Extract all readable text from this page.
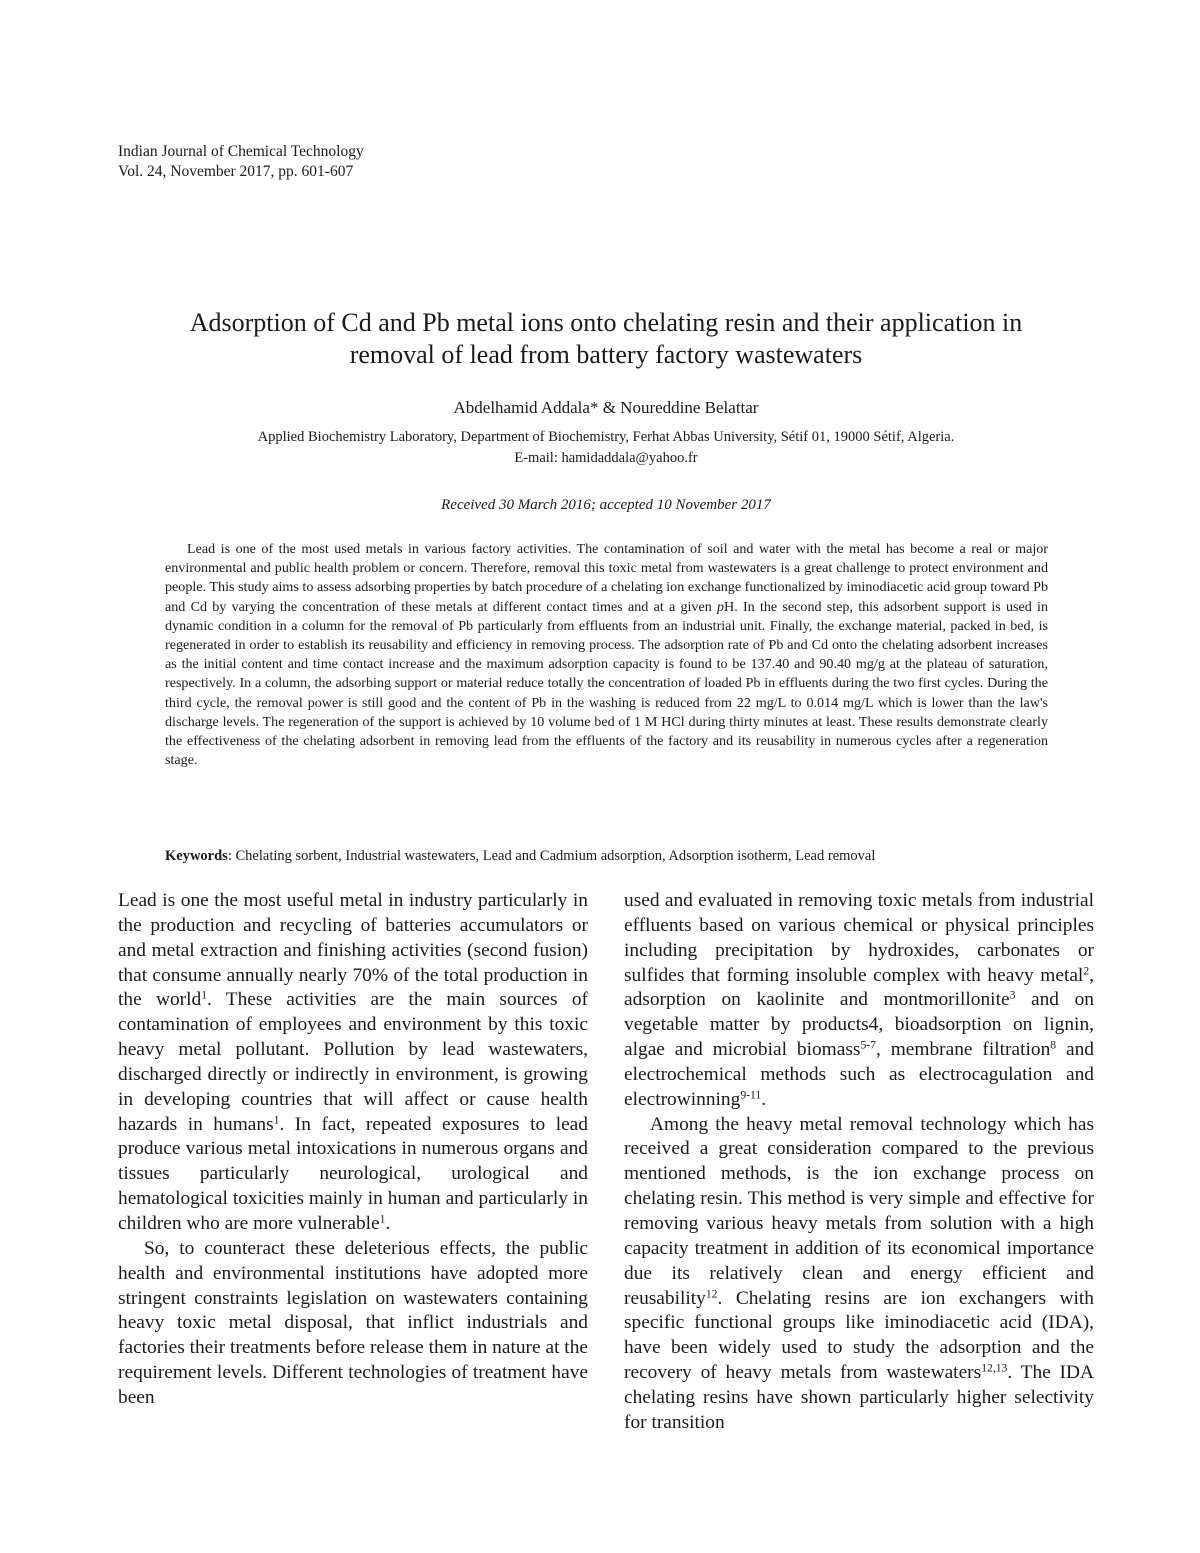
Indian Journal of Chemical Technology
Vol. 24, November 2017, pp. 601-607
Adsorption of Cd and Pb metal ions onto chelating resin and their application in
removal of lead from battery factory wastewaters
Abdelhamid Addala* & Noureddine Belattar
Applied Biochemistry Laboratory, Department of Biochemistry, Ferhat Abbas University, Sétif 01, 19000 Sétif, Algeria.
E-mail: hamidaddala@yahoo.fr
Received 30 March 2016; accepted 10 November 2017

Lead is one of the most used metals in various factory activities. The contamination of soil and water with the metal has become a real or major environmental and public health problem or concern. Therefore, removal this toxic metal from wastewaters is a great challenge to protect environment and people. This study aims to assess adsorbing properties by batch procedure of a chelating ion exchange functionalized by iminodiacetic acid group toward Pb and Cd by varying the concentration of these metals at different contact times and at a given pH. In the second step, this adsorbent support is used in dynamic condition in a column for the removal of Pb particularly from effluents from an industrial unit. Finally, the exchange material, packed in bed, is regenerated in order to establish its reusability and efficiency in removing process. The adsorption rate of Pb and Cd onto the chelating adsorbent increases as the initial content and time contact increase and the maximum adsorption capacity is found to be 137.40 and 90.40 mg/g at the plateau of saturation, respectively. In a column, the adsorbing support or material reduce totally the concentration of loaded Pb in effluents during the two first cycles. During the third cycle, the removal power is still good and the content of Pb in the washing is reduced from 22 mg/L to 0.014 mg/L which is lower than the law's discharge levels. The regeneration of the support is achieved by 10 volume bed of 1 M HCl during thirty minutes at least. These results demonstrate clearly the effectiveness of the chelating adsorbent in removing lead from the effluents of the factory and its reusability in numerous cycles after a regeneration stage.

Keywords: Chelating sorbent, Industrial wastewaters, Lead and Cadmium adsorption, Adsorption isotherm, Lead removal

Lead is one the most useful metal in industry particularly in the production and recycling of batteries accumulators or and metal extraction and finishing activities (second fusion) that consume annually nearly 70% of the total production in the world$^1$. These activities are the main sources of contamination of employees and environment by this toxic heavy metal pollutant. Pollution by lead wastewaters, discharged directly or indirectly in environment, is growing in developing countries that will affect or cause health hazards in humans$^1$. In fact, repeated exposures to lead produce various metal intoxications in numerous organs and tissues particularly neurological, urological and hematological toxicities mainly in human and particularly in children who are more vulnerable$^1$.

So, to counteract these deleterious effects, the public health and environmental institutions have adopted more stringent constraints legislation on wastewaters containing heavy toxic metal disposal, that inflict industrials and factories their treatments before release them in nature at the requirement levels. Different technologies of treatment have been

used and evaluated in removing toxic metals from industrial effluents based on various chemical or physical principles including precipitation by hydroxides, carbonates or sulfides that forming insoluble complex with heavy metal$^2$, adsorption on kaolinite and montmorillonite$^3$ and on vegetable matter by products4, bioadsorption on lignin, algae and microbial biomass$^{5-7}$, membrane filtration$^8$ and electrochemical methods such as electrocagulation and electrowinning$^{9-11}$.

Among the heavy metal removal technology which has received a great consideration compared to the previous mentioned methods, is the ion exchange process on chelating resin. This method is very simple and effective for removing various heavy metals from solution with a high capacity treatment in addition of its economical importance due its relatively clean and energy efficient and reusability$^{12}$. Chelating resins are ion exchangers with specific functional groups like iminodiacetic acid (IDA), have been widely used to study the adsorption and the recovery of heavy metals from wastewaters$^{12,13}$. The IDA chelating resins have shown particularly higher selectivity for transition
